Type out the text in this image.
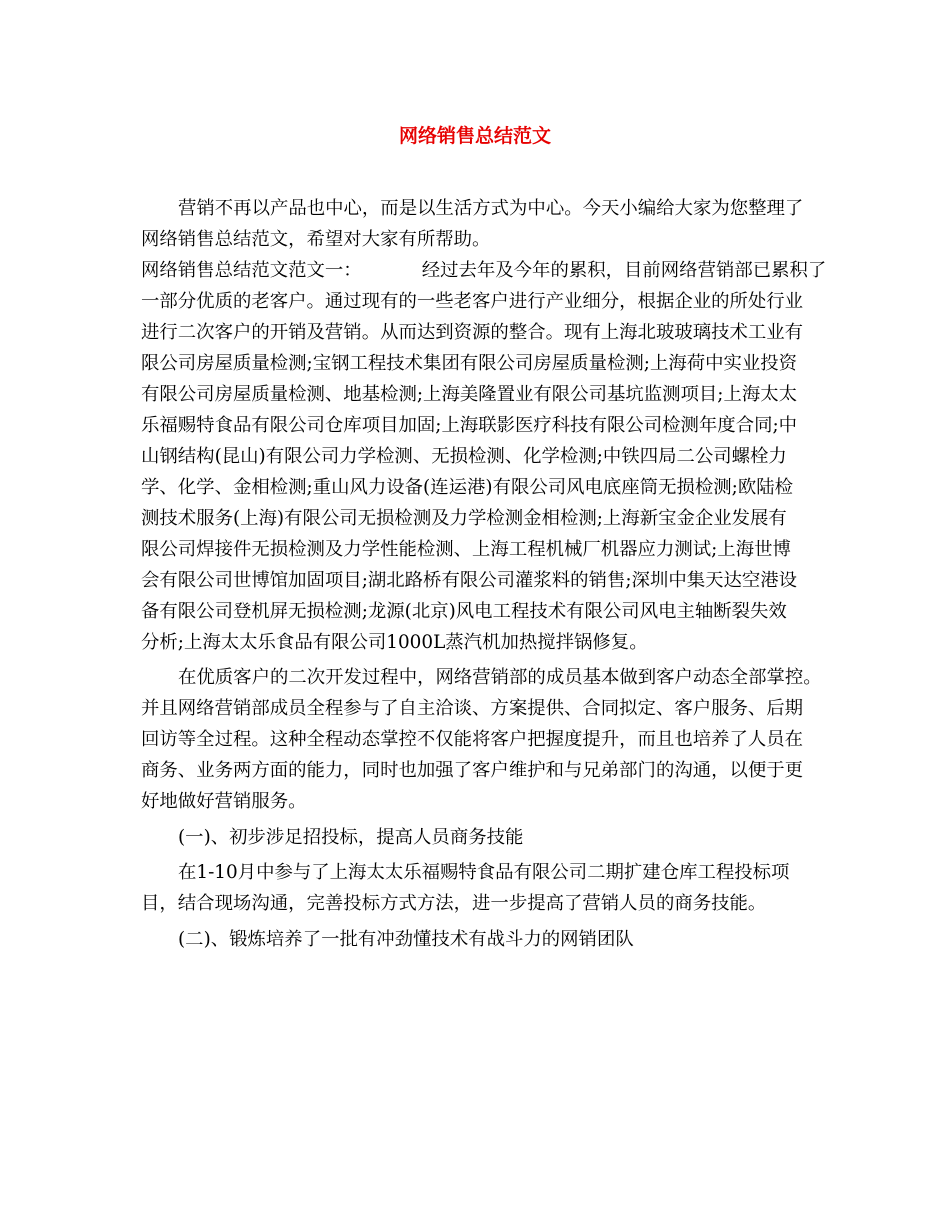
网络销售总结范文
营销不再以产品也中心，而是以生活方式为中心。今天小编给大家为您整理了
网络销售总结范文，希望对大家有所帮助。
网络销售总结范文范文一：	经过去年及今年的累积，目前网络营销部已累积了
一部分优质的老客户。通过现有的一些老客户进行产业细分，根据企业的所处行业
进行二次客户的开销及营销。从而达到资源的整合。现有上海北玻玻璃技术工业有
限公司房屋质量检测;宝钢工程技术集团有限公司房屋质量检测;上海荷中实业投资
有限公司房屋质量检测、地基检测;上海美隆置业有限公司基坑监测项目;上海太太
乐福赐特食品有限公司仓库项目加固;上海联影医疗科技有限公司检测年度合同;中
山钢结构(昆山)有限公司力学检测、无损检测、化学检测;中铁四局二公司螺栓力
学、化学、金相检测;重山风力设备(连运港)有限公司风电底座筒无损检测;欧陆检
测技术服务(上海)有限公司无损检测及力学检测金相检测;上海新宝金企业发展有
限公司焊接件无损检测及力学性能检测、上海工程机械厂机器应力测试;上海世博
会有限公司世博馆加固项目;湖北路桥有限公司灌浆料的销售;深圳中集天达空港设
备有限公司登机屏无损检测;龙源(北京)风电工程技术有限公司风电主轴断裂失效
分析;上海太太乐食品有限公司1000L蒸汽机加热搅拌锅修复。
在优质客户的二次开发过程中，网络营销部的成员基本做到客户动态全部掌控。
并且网络营销部成员全程参与了自主洽谈、方案提供、合同拟定、客户服务、后期
回访等全过程。这种全程动态掌控不仅能将客户把握度提升，而且也培养了人员在
商务、业务两方面的能力，同时也加强了客户维护和与兄弟部门的沟通，以便于更
好地做好营销服务。
(一)、初步涉足招投标，提高人员商务技能
在1-10月中参与了上海太太乐福赐特食品有限公司二期扩建仓库工程投标项
目，结合现场沟通，完善投标方式方法，进一步提高了营销人员的商务技能。
(二)、锻炼培养了一批有冲劲懂技术有战斗力的网销团队
